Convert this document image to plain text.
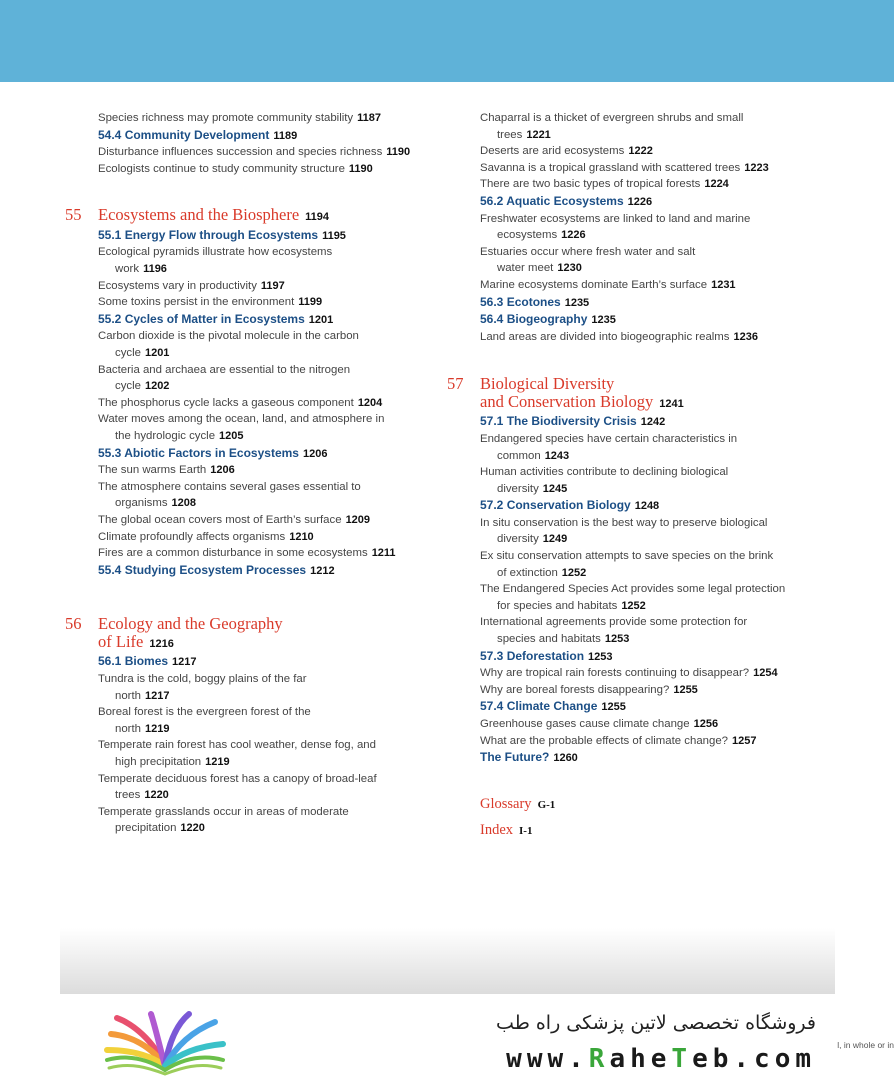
Species richness may promote community stability 1187
54.4 Community Development 1189
Disturbance influences succession and species richness 1190
Ecologists continue to study community structure 1190
55 Ecosystems and the Biosphere 1194
55.1 Energy Flow through Ecosystems 1195
Ecological pyramids illustrate how ecosystems
work 1196
Ecosystems vary in productivity 1197
Some toxins persist in the environment 1199
55.2 Cycles of Matter in Ecosystems 1201
Carbon dioxide is the pivotal molecule in the carbon
cycle 1201
Bacteria and archaea are essential to the nitrogen
cycle 1202
The phosphorus cycle lacks a gaseous component 1204
Water moves among the ocean, land, and atmosphere in
the hydrologic cycle 1205
55.3 Abiotic Factors in Ecosystems 1206
The sun warms Earth 1206
The atmosphere contains several gases essential to
organisms 1208
The global ocean covers most of Earth’s surface 1209
Climate profoundly affects organisms 1210
Fires are a common disturbance in some ecosystems 1211
55.4 Studying Ecosystem Processes 1212
56 Ecology and the Geography
of Life 1216
56.1 Biomes 1217
Tundra is the cold, boggy plains of the far
north 1217
Boreal forest is the evergreen forest of the
north 1219
Temperate rain forest has cool weather, dense fog, and
high precipitation 1219
Temperate deciduous forest has a canopy of broad-leaf
trees 1220
Temperate grasslands occur in areas of moderate
precipitation 1220
Chaparral is a thicket of evergreen shrubs and small
trees 1221
Deserts are arid ecosystems 1222
Savanna is a tropical grassland with scattered trees 1223
There are two basic types of tropical forests 1224
56.2 Aquatic Ecosystems 1226
Freshwater ecosystems are linked to land and marine
ecosystems 1226
Estuaries occur where fresh water and salt
water meet 1230
Marine ecosystems dominate Earth’s surface 1231
56.3 Ecotones 1235
56.4 Biogeography 1235
Land areas are divided into biogeographic realms 1236
57 Biological Diversity
and Conservation Biology 1241
57.1 The Biodiversity Crisis 1242
Endangered species have certain characteristics in
common 1243
Human activities contribute to declining biological
diversity 1245
57.2 Conservation Biology 1248
In situ conservation is the best way to preserve biological
diversity 1249
Ex situ conservation attempts to save species on the brink
of extinction 1252
The Endangered Species Act provides some legal protection
for species and habitats 1252
International agreements provide some protection for
species and habitats 1253
57.3 Deforestation 1253
Why are tropical rain forests continuing to disappear? 1254
Why are boreal forests disappearing? 1255
57.4 Climate Change 1255
Greenhouse gases cause climate change 1256
What are the probable effects of climate change? 1257
The Future? 1260
Glossary G-1
Index I-1
فروشگاه تخصصی لاتین پزشکی راه طب
www.RaheTeb.com	l, in whole or in
